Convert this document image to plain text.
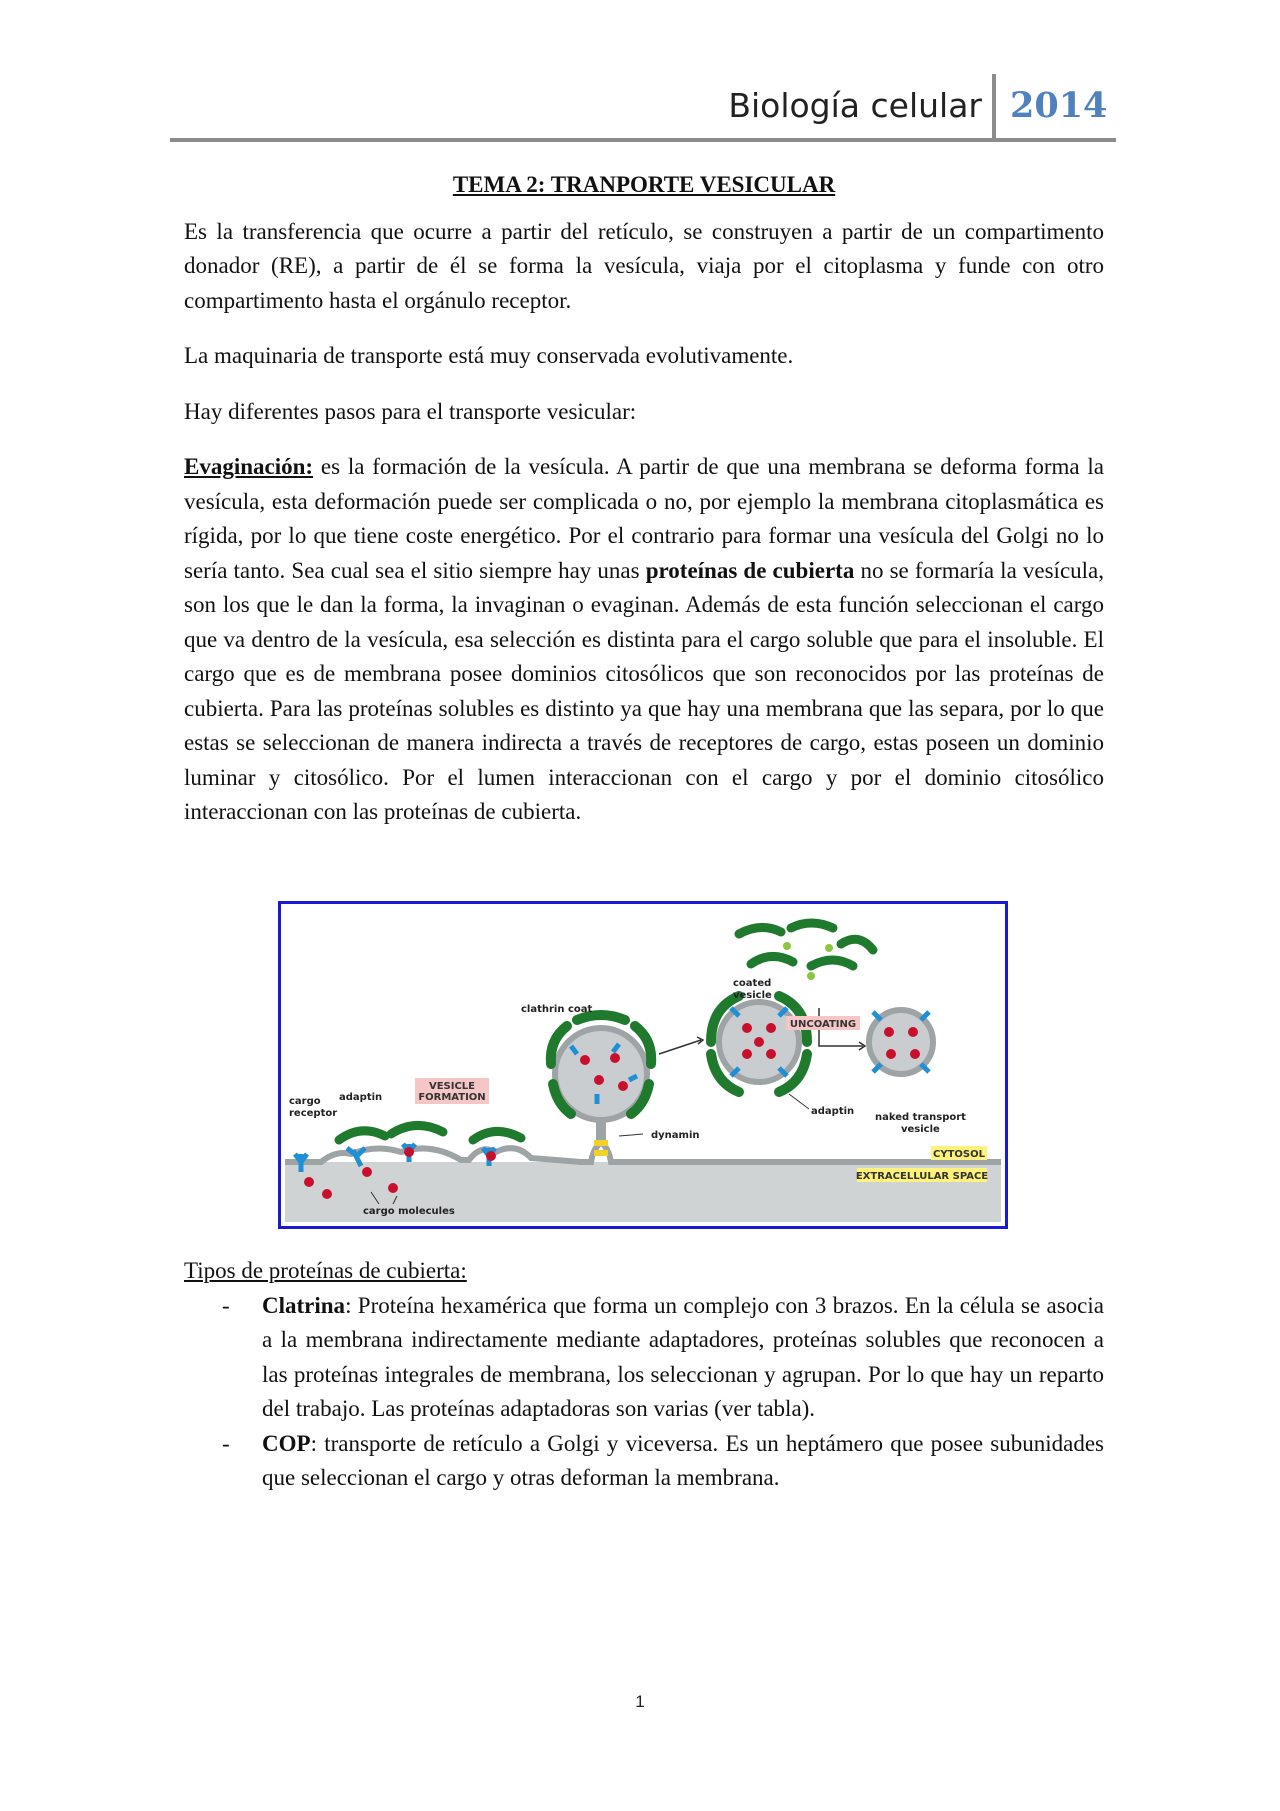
Biología celular 2014

TEMA 2: TRANPORTE VESICULAR

Es la transferencia que ocurre a partir del retículo, se construyen a partir de un compartimento donador (RE), a partir de él se forma la vesícula, viaja por el citoplasma y funde con otro compartimento hasta el orgánulo receptor.

La maquinaria de transporte está muy conservada evolutivamente.

Hay diferentes pasos para el transporte vesicular:

Evaginación: es la formación de la vesícula. A partir de que una membrana se deforma forma la vesícula, esta deformación puede ser complicada o no, por ejemplo la membrana citoplasmática es rígida, por lo que tiene coste energético. Por el contrario para formar una vesícula del Golgi no lo sería tanto. Sea cual sea el sitio siempre hay unas proteínas de cubierta no se formaría la vesícula, son los que le dan la forma, la invaginan o evaginan. Además de esta función seleccionan el cargo que va dentro de la vesícula, esa selección es distinta para el cargo soluble que para el insoluble. El cargo que es de membrana posee dominios citosólicos que son reconocidos por las proteínas de cubierta. Para las proteínas solubles es distinto ya que hay una membrana que las separa, por lo que estas se seleccionan de manera indirecta a través de receptores de cargo, estas poseen un dominio luminar y citosólico. Por el lumen interaccionan con el cargo y por el dominio citosólico interaccionan con las proteínas de cubierta.

VESICLE
FORMATION
UNCOATING
CYTOSOL
EXTRACELLULAR SPACE
cargo
receptor
adaptin
clathrin coat
coated
vesicle
dynamin
adaptin
naked transport
vesicle
cargo molecules

Tipos de proteínas de cubierta:

- Clatrina: Proteína hexamérica que forma un complejo con 3 brazos. En la célula se asocia a la membrana indirectamente mediante adaptadores, proteínas solubles que reconocen a las proteínas integrales de membrana, los seleccionan y agrupan. Por lo que hay un reparto del trabajo. Las proteínas adaptadoras son varias (ver tabla).

- COP: transporte de retículo a Golgi y viceversa. Es un heptámero que posee subunidades que seleccionan el cargo y otras deforman la membrana.

1
